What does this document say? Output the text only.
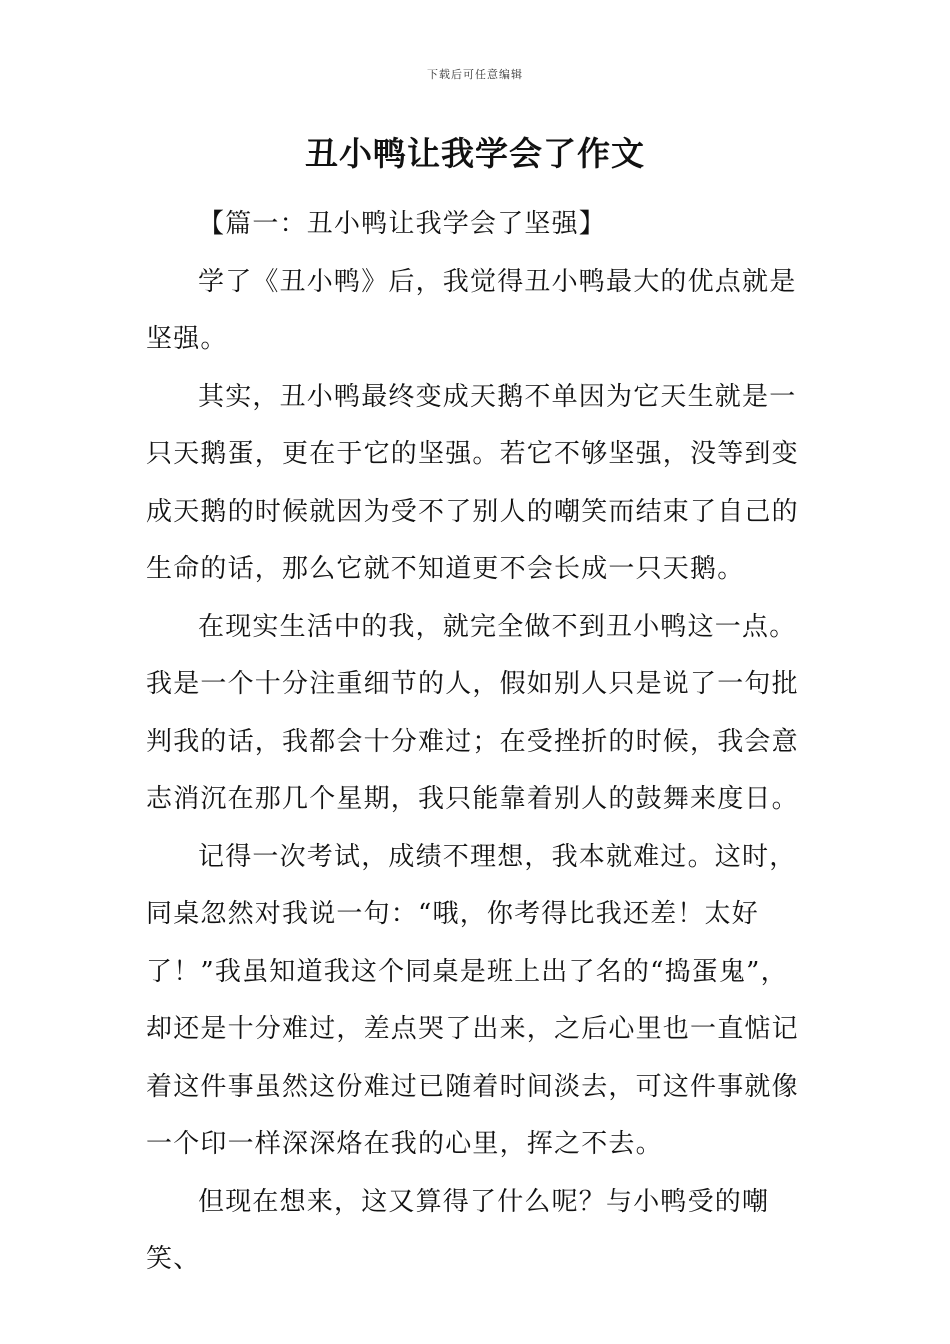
下载后可任意编辑
丑小鸭让我学会了作文

【篇一：丑小鸭让我学会了坚强】

学了《丑小鸭》后，我觉得丑小鸭最大的优点就是坚强。

其实，丑小鸭最终变成天鹅不单因为它天生就是一只天鹅蛋，更在于它的坚强。若它不够坚强，没等到变成天鹅的时候就因为受不了别人的嘲笑而结束了自己的生命的话，那么它就不知道更不会长成一只天鹅。

在现实生活中的我，就完全做不到丑小鸭这一点。我是一个十分注重细节的人，假如别人只是说了一句批判我的话，我都会十分难过；在受挫折的时候，我会意志消沉在那几个星期，我只能靠着别人的鼓舞来度日。

记得一次考试，成绩不理想，我本就难过。这时，同桌忽然对我说一句：“哦，你考得比我还差！太好了！”我虽知道我这个同桌是班上出了名的“捣蛋鬼”，却还是十分难过，差点哭了出来，之后心里也一直惦记着这件事虽然这份难过已随着时间淡去，可这件事就像一个印一样深深烙在我的心里，挥之不去。

但现在想来，这又算得了什么呢？与小鸭受的嘲笑、
